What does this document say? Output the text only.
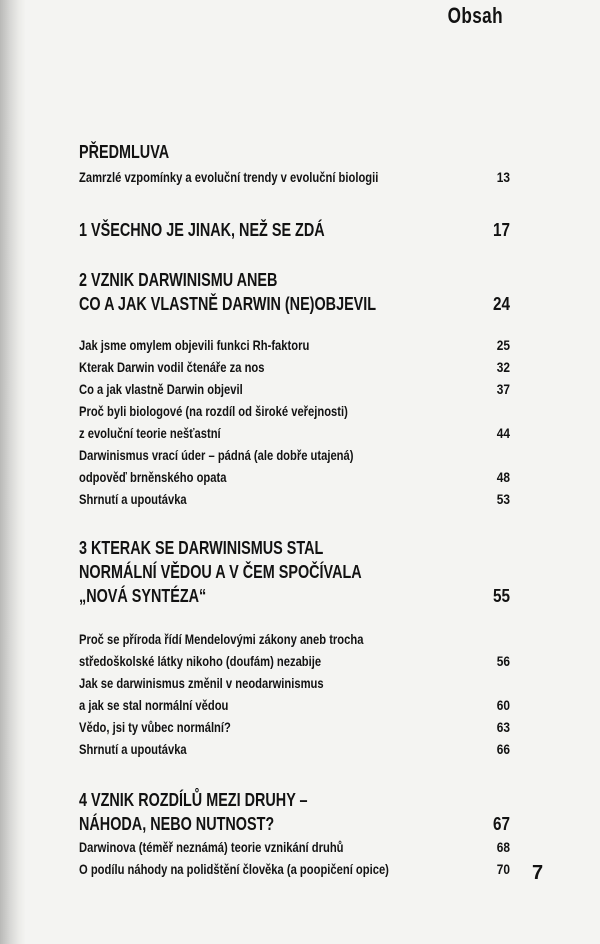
Obsah
PŘEDMLUVA
Zamrzlé vzpomínky a evoluční trendy v evoluční biologii	13
1 VŠECHNO JE JINAK, NEŽ SE ZDÁ	17
2 VZNIK DARWINISMU ANEB
CO A JAK VLASTNĚ DARWIN (NE)OBJEVIL	24
Jak jsme omylem objevili funkci Rh-faktoru	25
Kterak Darwin vodil čtenáře za nos	32
Co a jak vlastně Darwin objevil	37
Proč byli biologové (na rozdíl od široké veřejnosti)
z evoluční teorie nešťastní	44
Darwinismus vrací úder – pádná (ale dobře utajená)
odpověď brněnského opata	48
Shrnutí a upoutávka	53
3 KTERAK SE DARWINISMUS STAL
NORMÁLNÍ VĚDOU A V ČEM SPOČÍVALA
„NOVÁ SYNTÉZA“	55
Proč se příroda řídí Mendelovými zákony aneb trocha
středoškolské látky nikoho (doufám) nezabije	56
Jak se darwinismus změnil v neodarwinismus
a jak se stal normální vědou	60
Vědo, jsi ty vůbec normální?	63
Shrnutí a upoutávka	66
4 VZNIK ROZDÍLŮ MEZI DRUHY –
NÁHODA, NEBO NUTNOST?	67
Darwinova (téměř neznámá) teorie vznikání druhů	68
O podílu náhody na polidštění člověka (a poopičení opice)	70 7
